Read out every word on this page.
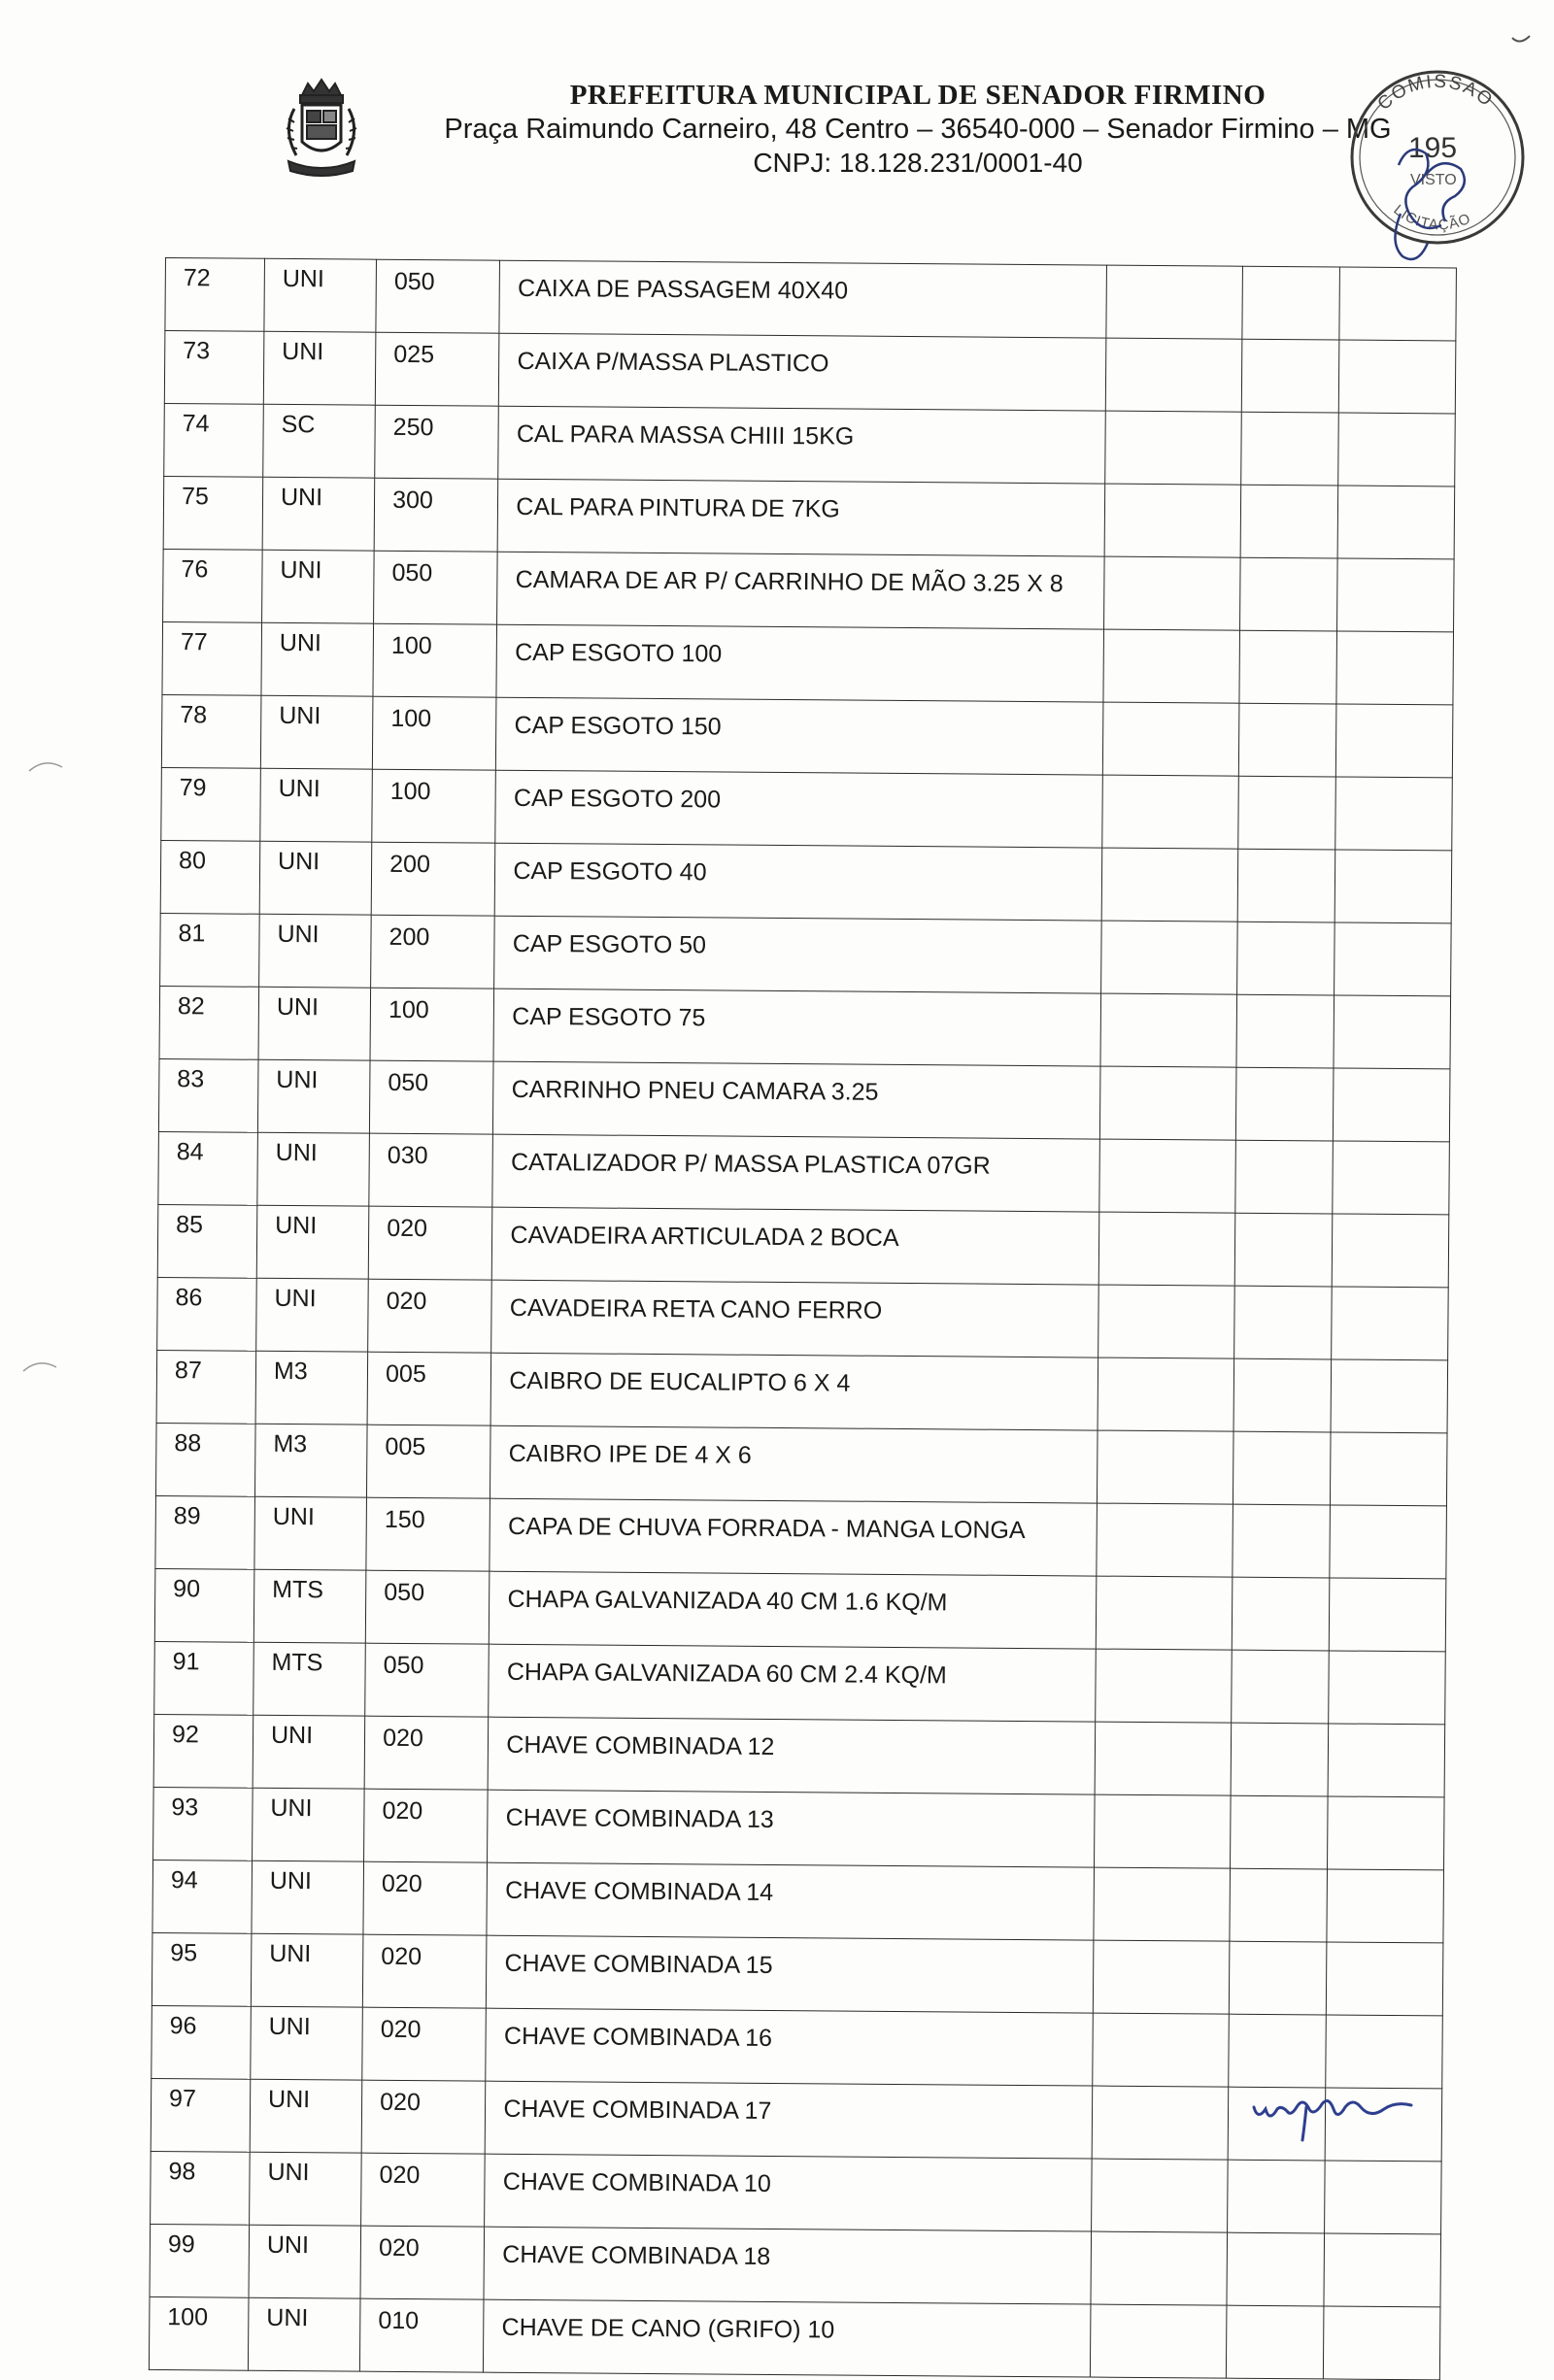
PREFEITURA MUNICIPAL DE SENADOR FIRMINO
Praça Raimundo Carneiro, 48 Centro – 36540-000 – Senador Firmino – MG
CNPJ: 18.128.231/0001-40
COMISSÃO
195
VISTO
LICITAÇÃO
72	UNI	050	CAIXA DE PASSAGEM 40X40			
73	UNI	025	CAIXA P/MASSA PLASTICO			
74	SC	250	CAL PARA MASSA CHIII 15KG			
75	UNI	300	CAL PARA PINTURA DE 7KG			
76	UNI	050	CAMARA DE AR P/ CARRINHO DE MÃO 3.25 X 8			
77	UNI	100	CAP ESGOTO 100			
78	UNI	100	CAP ESGOTO 150			
79	UNI	100	CAP ESGOTO 200			
80	UNI	200	CAP ESGOTO 40			
81	UNI	200	CAP ESGOTO 50			
82	UNI	100	CAP ESGOTO 75			
83	UNI	050	CARRINHO PNEU CAMARA 3.25			
84	UNI	030	CATALIZADOR P/ MASSA PLASTICA 07GR			
85	UNI	020	CAVADEIRA ARTICULADA 2 BOCA			
86	UNI	020	CAVADEIRA RETA CANO FERRO			
87	M3	005	CAIBRO DE EUCALIPTO 6 X 4			
88	M3	005	CAIBRO IPE DE 4 X 6			
89	UNI	150	CAPA DE CHUVA FORRADA - MANGA LONGA			
90	MTS	050	CHAPA GALVANIZADA 40 CM 1.6 KQ/M			
91	MTS	050	CHAPA GALVANIZADA 60 CM 2.4 KQ/M			
92	UNI	020	CHAVE COMBINADA 12			
93	UNI	020	CHAVE COMBINADA 13			
94	UNI	020	CHAVE COMBINADA 14			
95	UNI	020	CHAVE COMBINADA 15			
96	UNI	020	CHAVE COMBINADA 16			
97	UNI	020	CHAVE COMBINADA 17			
98	UNI	020	CHAVE COMBINADA 10			
99	UNI	020	CHAVE COMBINADA 18			
100	UNI	010	CHAVE DE CANO (GRIFO) 10			
